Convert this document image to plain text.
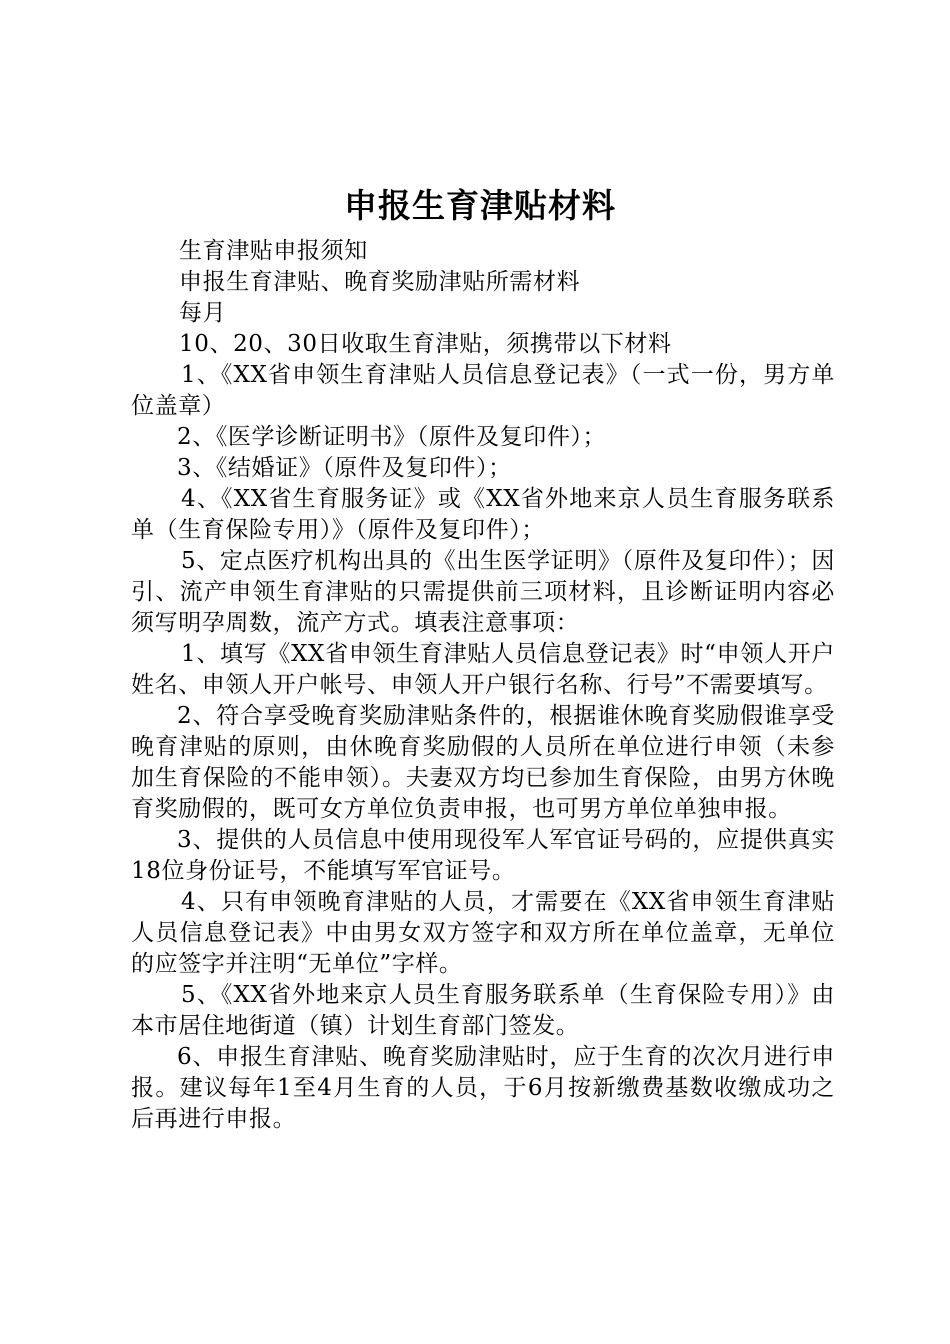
申报生育津贴材料

生育津贴申报须知

申报生育津贴、晚育奖励津贴所需材料

每月

10、20、30日收取生育津贴，须携带以下材料

1、《XX省申领生育津贴人员信息登记表》（一式一份，男方单位盖章）

2、《医学诊断证明书》（原件及复印件）；

3、《结婚证》（原件及复印件）；

4、《XX省生育服务证》或《XX省外地来京人员生育服务联系单（生育保险专用）》（原件及复印件）；

5、定点医疗机构出具的《出生医学证明》（原件及复印件）；因引、流产申领生育津贴的只需提供前三项材料，且诊断证明内容必须写明孕周数，流产方式。填表注意事项：

1、填写《XX省申领生育津贴人员信息登记表》时“申领人开户姓名、申领人开户帐号、申领人开户银行名称、行号”不需要填写。

2、符合享受晚育奖励津贴条件的，根据谁休晚育奖励假谁享受晚育津贴的原则，由休晚育奖励假的人员所在单位进行申领（未参加生育保险的不能申领）。夫妻双方均已参加生育保险，由男方休晚育奖励假的，既可女方单位负责申报，也可男方单位单独申报。

3、提供的人员信息中使用现役军人军官证号码的，应提供真实18位身份证号，不能填写军官证号。

4、只有申领晚育津贴的人员，才需要在《XX省申领生育津贴人员信息登记表》中由男女双方签字和双方所在单位盖章，无单位的应签字并注明“无单位”字样。

5、《XX省外地来京人员生育服务联系单（生育保险专用）》由本市居住地街道（镇）计划生育部门签发。

6、申报生育津贴、晚育奖励津贴时，应于生育的次次月进行申报。建议每年1至4月生育的人员，于6月按新缴费基数收缴成功之后再进行申报。
